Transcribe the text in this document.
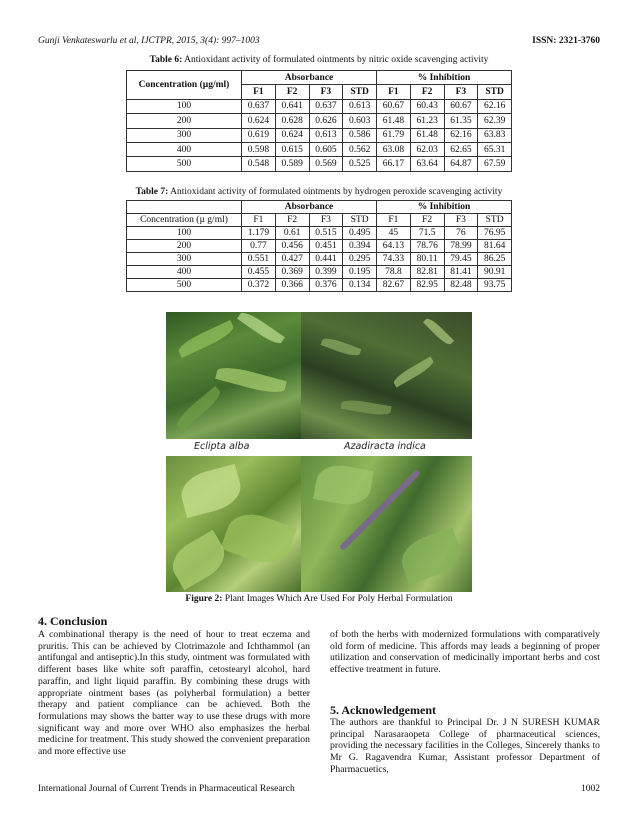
Gunji Venkateswarlu et al, IJCTPR, 2015, 3(4): 997–1003	ISSN: 2321-3760
Table 6: Antioxidant activity of formulated ointments by nitric oxide scavenging activity
Concentration (µg/ml)	Absorbance				% Inhibition			
	F1	F2	F3	STD	F1	F2	F3	STD
100	0.637	0.641	0.637	0.613	60.67	60.43	60.67	62.16
200	0.624	0.628	0.626	0.603	61.48	61.23	61.35	62.39
300	0.619	0.624	0.613	0.586	61.79	61.48	62.16	63.83
400	0.598	0.615	0.605	0.562	63.08	62.03	62.65	65.31
500	0.548	0.589	0.569	0.525	66.17	63.64	64.87	67.59
Table 7: Antioxidant activity of formulated ointments by hydrogen peroxide scavenging activity
	Absorbance				% Inhibition			
Concentration (µ g/ml)	F1	F2	F3	STD	F1	F2	F3	STD
100	1.179	0.61	0.515	0.495	45	71.5	76	76.95
200	0.77	0.456	0.451	0.394	64.13	78.76	78.99	81.64
300	0.551	0.427	0.441	0.295	74.33	80.11	79.45	86.25
400	0.455	0.369	0.399	0.195	78.8	82.81	81.41	90.91
500	0.372	0.366	0.376	0.134	82.67	82.95	82.48	93.75
Eclipta alba	Azadiracta indica
Figure 2: Plant Images Which Are Used For Poly Herbal Formulation
4. Conclusion
A combinational therapy is the need of hour to treat eczema and pruritis. This can be achieved by Clotrimazole and Ichthammol (an antifungal and antiseptic).In this study, ointment was formulated with different bases like white soft paraffin, cetostearyl alcohol, hard paraffin, and light liquid paraffin. By combining these drugs with appropriate ointment bases (as polyherbal formulation) a better therapy and patient compliance can be achieved. Both the formulations may shows the batter way to use these drugs with more significant way and more over WHO also emphasizes the herbal medicine for treatment. This study showed the convenient preparation and more effective use
of both the herbs with modernized formulations with comparatively old form of medicine. This affords may leads a beginning of proper utilization and conservation of medicinally important herbs and cost effective treatment in future.
5. Acknowledgement
The authors are thankful to Principal Dr. J N SURESH KUMAR principal Narasaraopeta College of pharmaceutical sciences, providing the necessary facilities in the Colleges, Sincerely thanks to Mr G. Ragavendra Kumar, Assistant professor Department of Pharmacuetics,
International Journal of Current Trends in Pharmaceutical Research	1002
